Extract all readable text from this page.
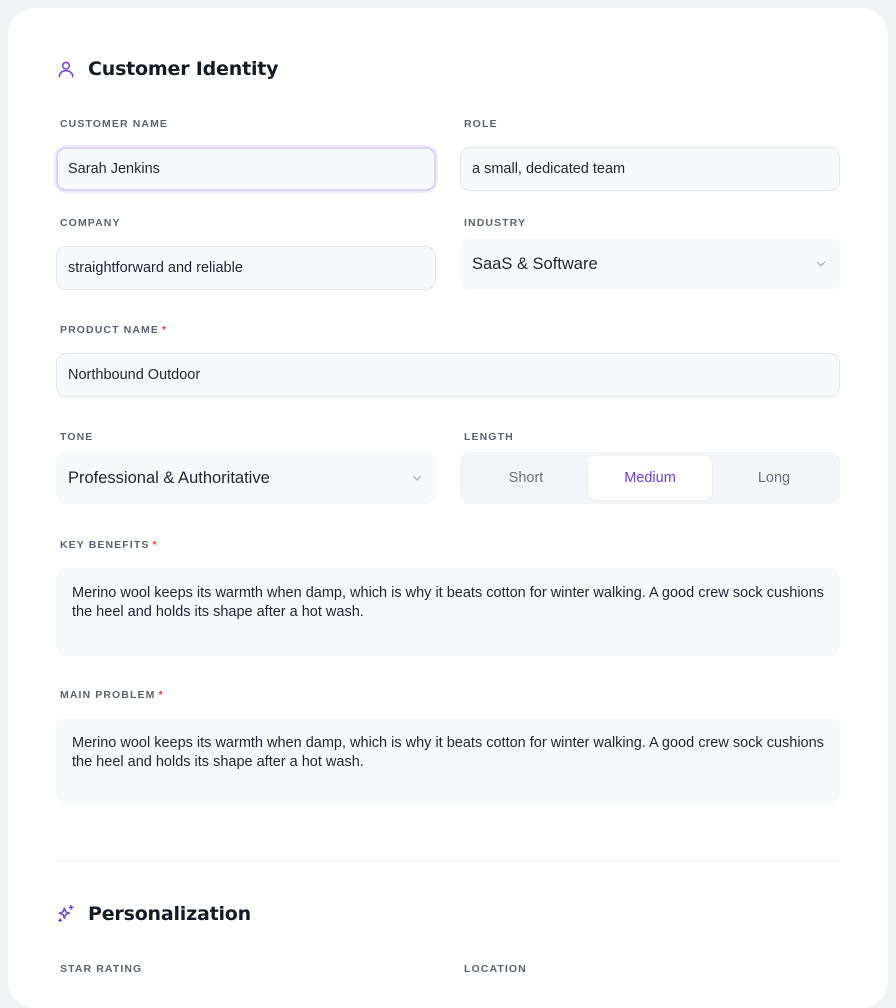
Customer Identity
CUSTOMER NAME
Sarah Jenkins
ROLE
a small, dedicated team
COMPANY
straightforward and reliable
INDUSTRY
SaaS & Software
PRODUCT NAME *
Northbound Outdoor
TONE
Professional & Authoritative
LENGTH
Short	Medium	Long
KEY BENEFITS *
Merino wool keeps its warmth when damp, which is why it beats cotton for winter walking. A good crew sock cushions the heel and holds its shape after a hot wash.
MAIN PROBLEM *
Merino wool keeps its warmth when damp, which is why it beats cotton for winter walking. A good crew sock cushions the heel and holds its shape after a hot wash.
Personalization
STAR RATING	LOCATION
